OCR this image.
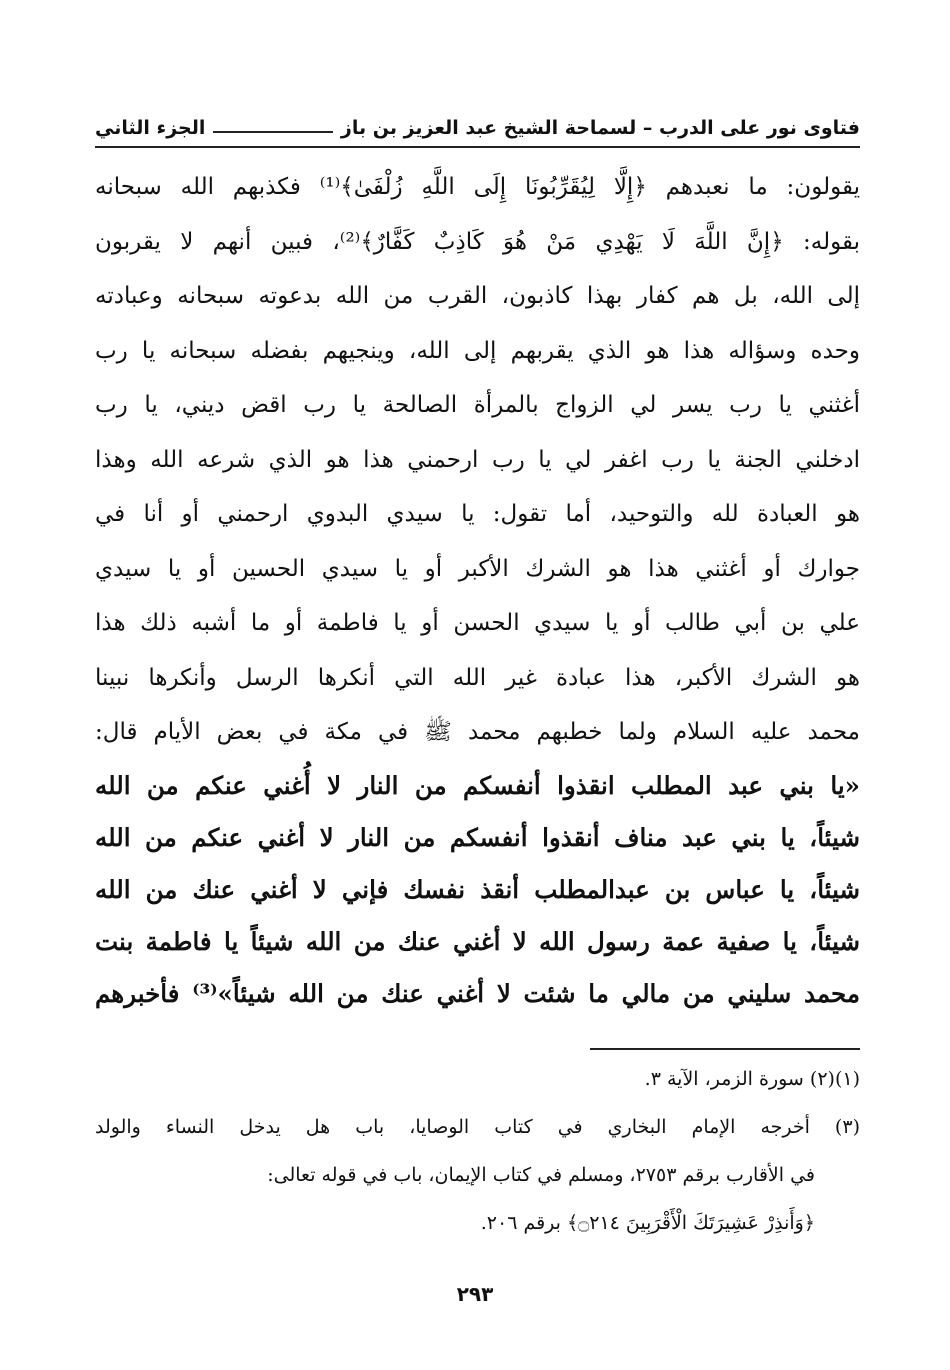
فتاوى نور على الدرب – لسماحة الشيخ عبد العزيز بن باز
الجزء الثاني
يقولون: ما نعبدهم ﴿إِلَّا لِيُقَرِّبُونَا إِلَى اللَّهِ زُلْفَىٰ﴾⁽¹⁾ فكذبهم الله سبحانه
بقوله: ﴿إِنَّ اللَّهَ لَا يَهْدِي مَنْ هُوَ كَاذِبٌ كَفَّارٌ﴾⁽²⁾، فبين أنهم لا يقربون
إلى الله، بل هم كفار بهذا كاذبون، القرب من الله بدعوته سبحانه وعبادته
وحده وسؤاله هذا هو الذي يقربهم إلى الله، وينجيهم بفضله سبحانه يا رب
أغثني يا رب يسر لي الزواج بالمرأة الصالحة يا رب اقض ديني، يا رب
ادخلني الجنة يا رب اغفر لي يا رب ارحمني هذا هو الذي شرعه الله وهذا
هو العبادة لله والتوحيد، أما تقول: يا سيدي البدوي ارحمني أو أنا في
جوارك أو أغثني هذا هو الشرك الأكبر أو يا سيدي الحسين أو يا سيدي
علي بن أبي طالب أو يا سيدي الحسن أو يا فاطمة أو ما أشبه ذلك هذا
هو الشرك الأكبر، هذا عبادة غير الله التي أنكرها الرسل وأنكرها نبينا
محمد عليه السلام ولما خطبهم محمد ﷺ في مكة في بعض الأيام قال:
«يا بني عبد المطلب انقذوا أنفسكم من النار لا أُغني عنكم من الله
شيئاً، يا بني عبد مناف أنقذوا أنفسكم من النار لا أغني عنكم من الله
شيئاً، يا عباس بن عبدالمطلب أنقذ نفسك فإني لا أغني عنك من الله
شيئاً، يا صفية عمة رسول الله لا أغني عنك من الله شيئاً يا فاطمة بنت
محمد سليني من مالي ما شئت لا أغني عنك من الله شيئاً»⁽³⁾ فأخبرهم
(١)(٢) سورة الزمر، الآية ٣.
(٣) أخرجه الإمام البخاري في كتاب الوصايا، باب هل يدخل النساء والولد
في الأقارب برقم ٢٧٥٣، ومسلم في كتاب الإيمان، باب في قوله تعالى:
﴿وَأَنذِرْ عَشِيرَتَكَ الْأَقْرَبِينَ ۝٢١٤﴾ برقم ٢٠٦.
٢٩٣
